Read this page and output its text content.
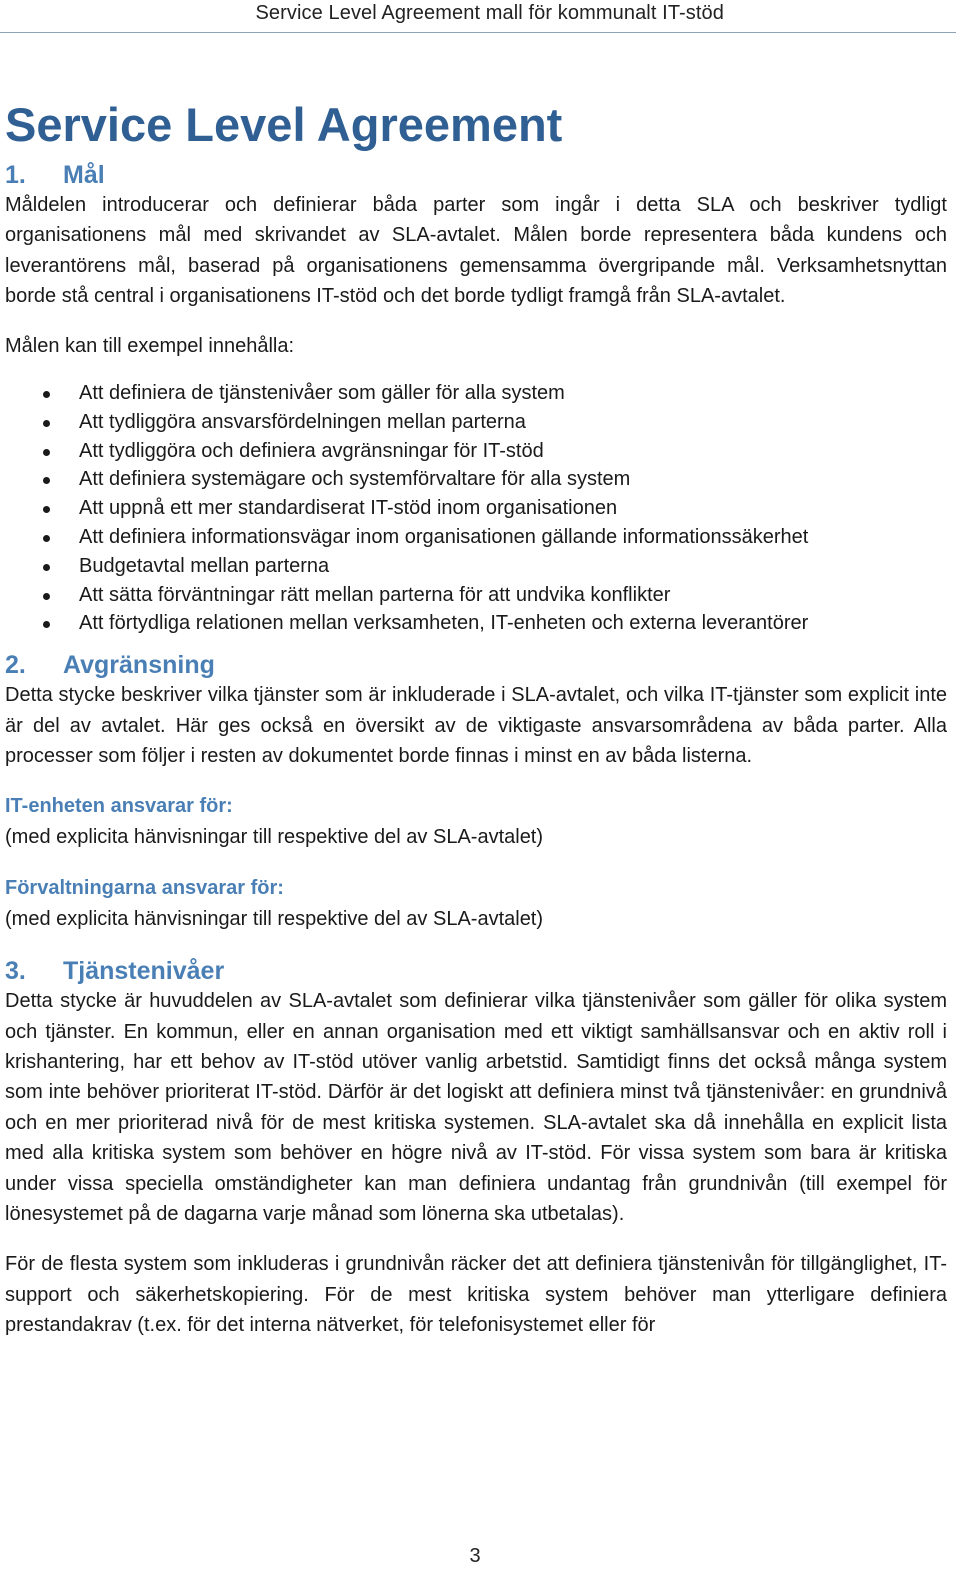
Service Level Agreement mall för kommunalt IT-stöd
Service Level Agreement
1.	Mål

Måldelen introducerar och definierar båda parter som ingår i detta SLA och beskriver tydligt organisationens mål med skrivandet av SLA-avtalet. Målen borde representera båda kundens och leverantörens mål, baserad på organisationens gemensamma övergripande mål. Verksamhetsnyttan borde stå central i organisationens IT-stöd och det borde tydligt framgå från SLA-avtalet.

Målen kan till exempel innehålla:

Att definiera de tjänstenivåer som gäller för alla system
Att tydliggöra ansvarsfördelningen mellan parterna
Att tydliggöra och definiera avgränsningar för IT-stöd
Att definiera systemägare och systemförvaltare för alla system
Att uppnå ett mer standardiserat IT-stöd inom organisationen
Att definiera informationsvägar inom organisationen gällande informationssäkerhet
Budgetavtal mellan parterna
Att sätta förväntningar rätt mellan parterna för att undvika konflikter
Att förtydliga relationen mellan verksamheten, IT-enheten och externa leverantörer
2.	Avgränsning

Detta stycke beskriver vilka tjänster som är inkluderade i SLA-avtalet, och vilka IT-tjänster som explicit inte är del av avtalet. Här ges också en översikt av de viktigaste ansvarsområdena av båda parter. Alla processer som följer i resten av dokumentet borde finnas i minst en av båda listerna.

IT-enheten ansvarar för:

(med explicita hänvisningar till respektive del av SLA-avtalet)

Förvaltningarna ansvarar för:

(med explicita hänvisningar till respektive del av SLA-avtalet)

3.	Tjänstenivåer

Detta stycke är huvuddelen av SLA-avtalet som definierar vilka tjänstenivåer som gäller för olika system och tjänster. En kommun, eller en annan organisation med ett viktigt samhällsansvar och en aktiv roll i krishantering, har ett behov av IT-stöd utöver vanlig arbetstid. Samtidigt finns det också många system som inte behöver prioriterat IT-stöd. Därför är det logiskt att definiera minst två tjänstenivåer: en grundnivå och en mer prioriterad nivå för de mest kritiska systemen. SLA-avtalet ska då innehålla en explicit lista med alla kritiska system som behöver en högre nivå av IT-stöd. För vissa system som bara är kritiska under vissa speciella omständigheter kan man definiera undantag från grundnivån (till exempel för lönesystemet på de dagarna varje månad som lönerna ska utbetalas).

För de flesta system som inkluderas i grundnivån räcker det att definiera tjänstenivån för tillgänglighet, IT-support och säkerhetskopiering. För de mest kritiska system behöver man ytterligare definiera prestandakrav (t.ex. för det interna nätverket, för telefonisystemet eller för

3
